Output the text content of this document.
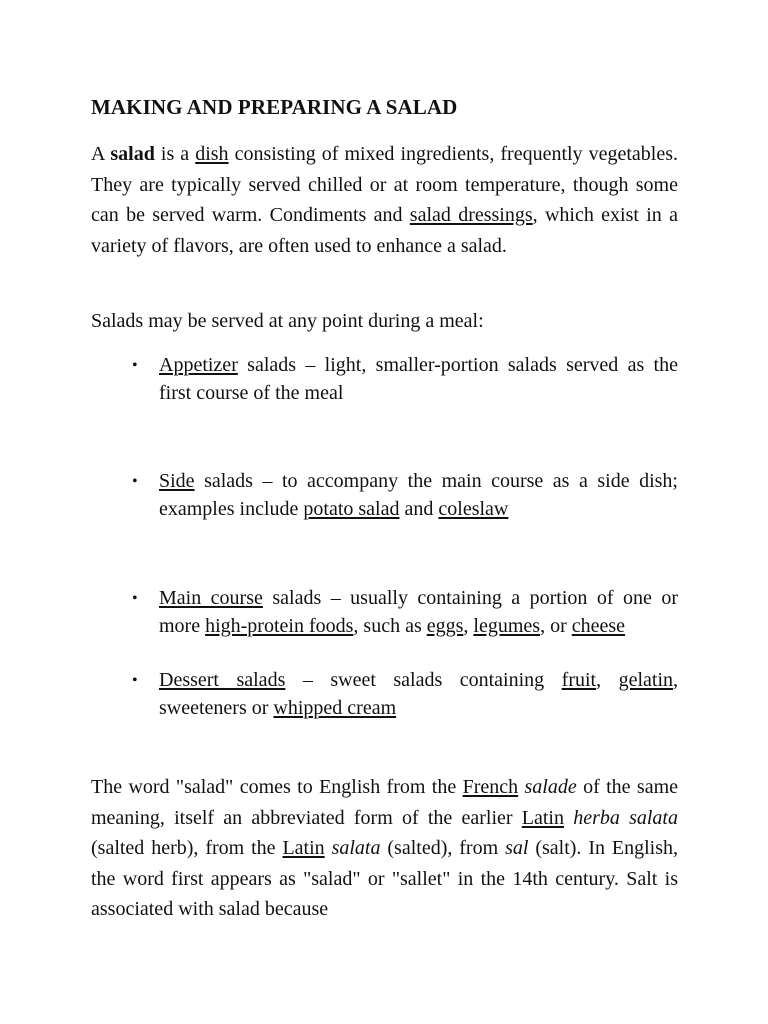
MAKING AND PREPARING A SALAD

A salad is a dish consisting of mixed ingredients, frequently vegetables. They are typically served chilled or at room temperature, though some can be served warm. Condiments and salad dressings, which exist in a variety of flavors, are often used to enhance a salad.

Salads may be served at any point during a meal:

• Appetizer salads – light, smaller-portion salads served as the first course of the meal

• Side salads – to accompany the main course as a side dish; examples include potato salad and coleslaw

• Main course salads – usually containing a portion of one or more high-protein foods, such as eggs, legumes, or cheese

• Dessert salads – sweet salads containing fruit, gelatin, sweeteners or whipped cream

The word "salad" comes to English from the French salade of the same meaning, itself an abbreviated form of the earlier Latin herba salata (salted herb), from the Latin salata (salted), from sal (salt). In English, the word first appears as "salad" or "sallet" in the 14th century. Salt is associated with salad because
